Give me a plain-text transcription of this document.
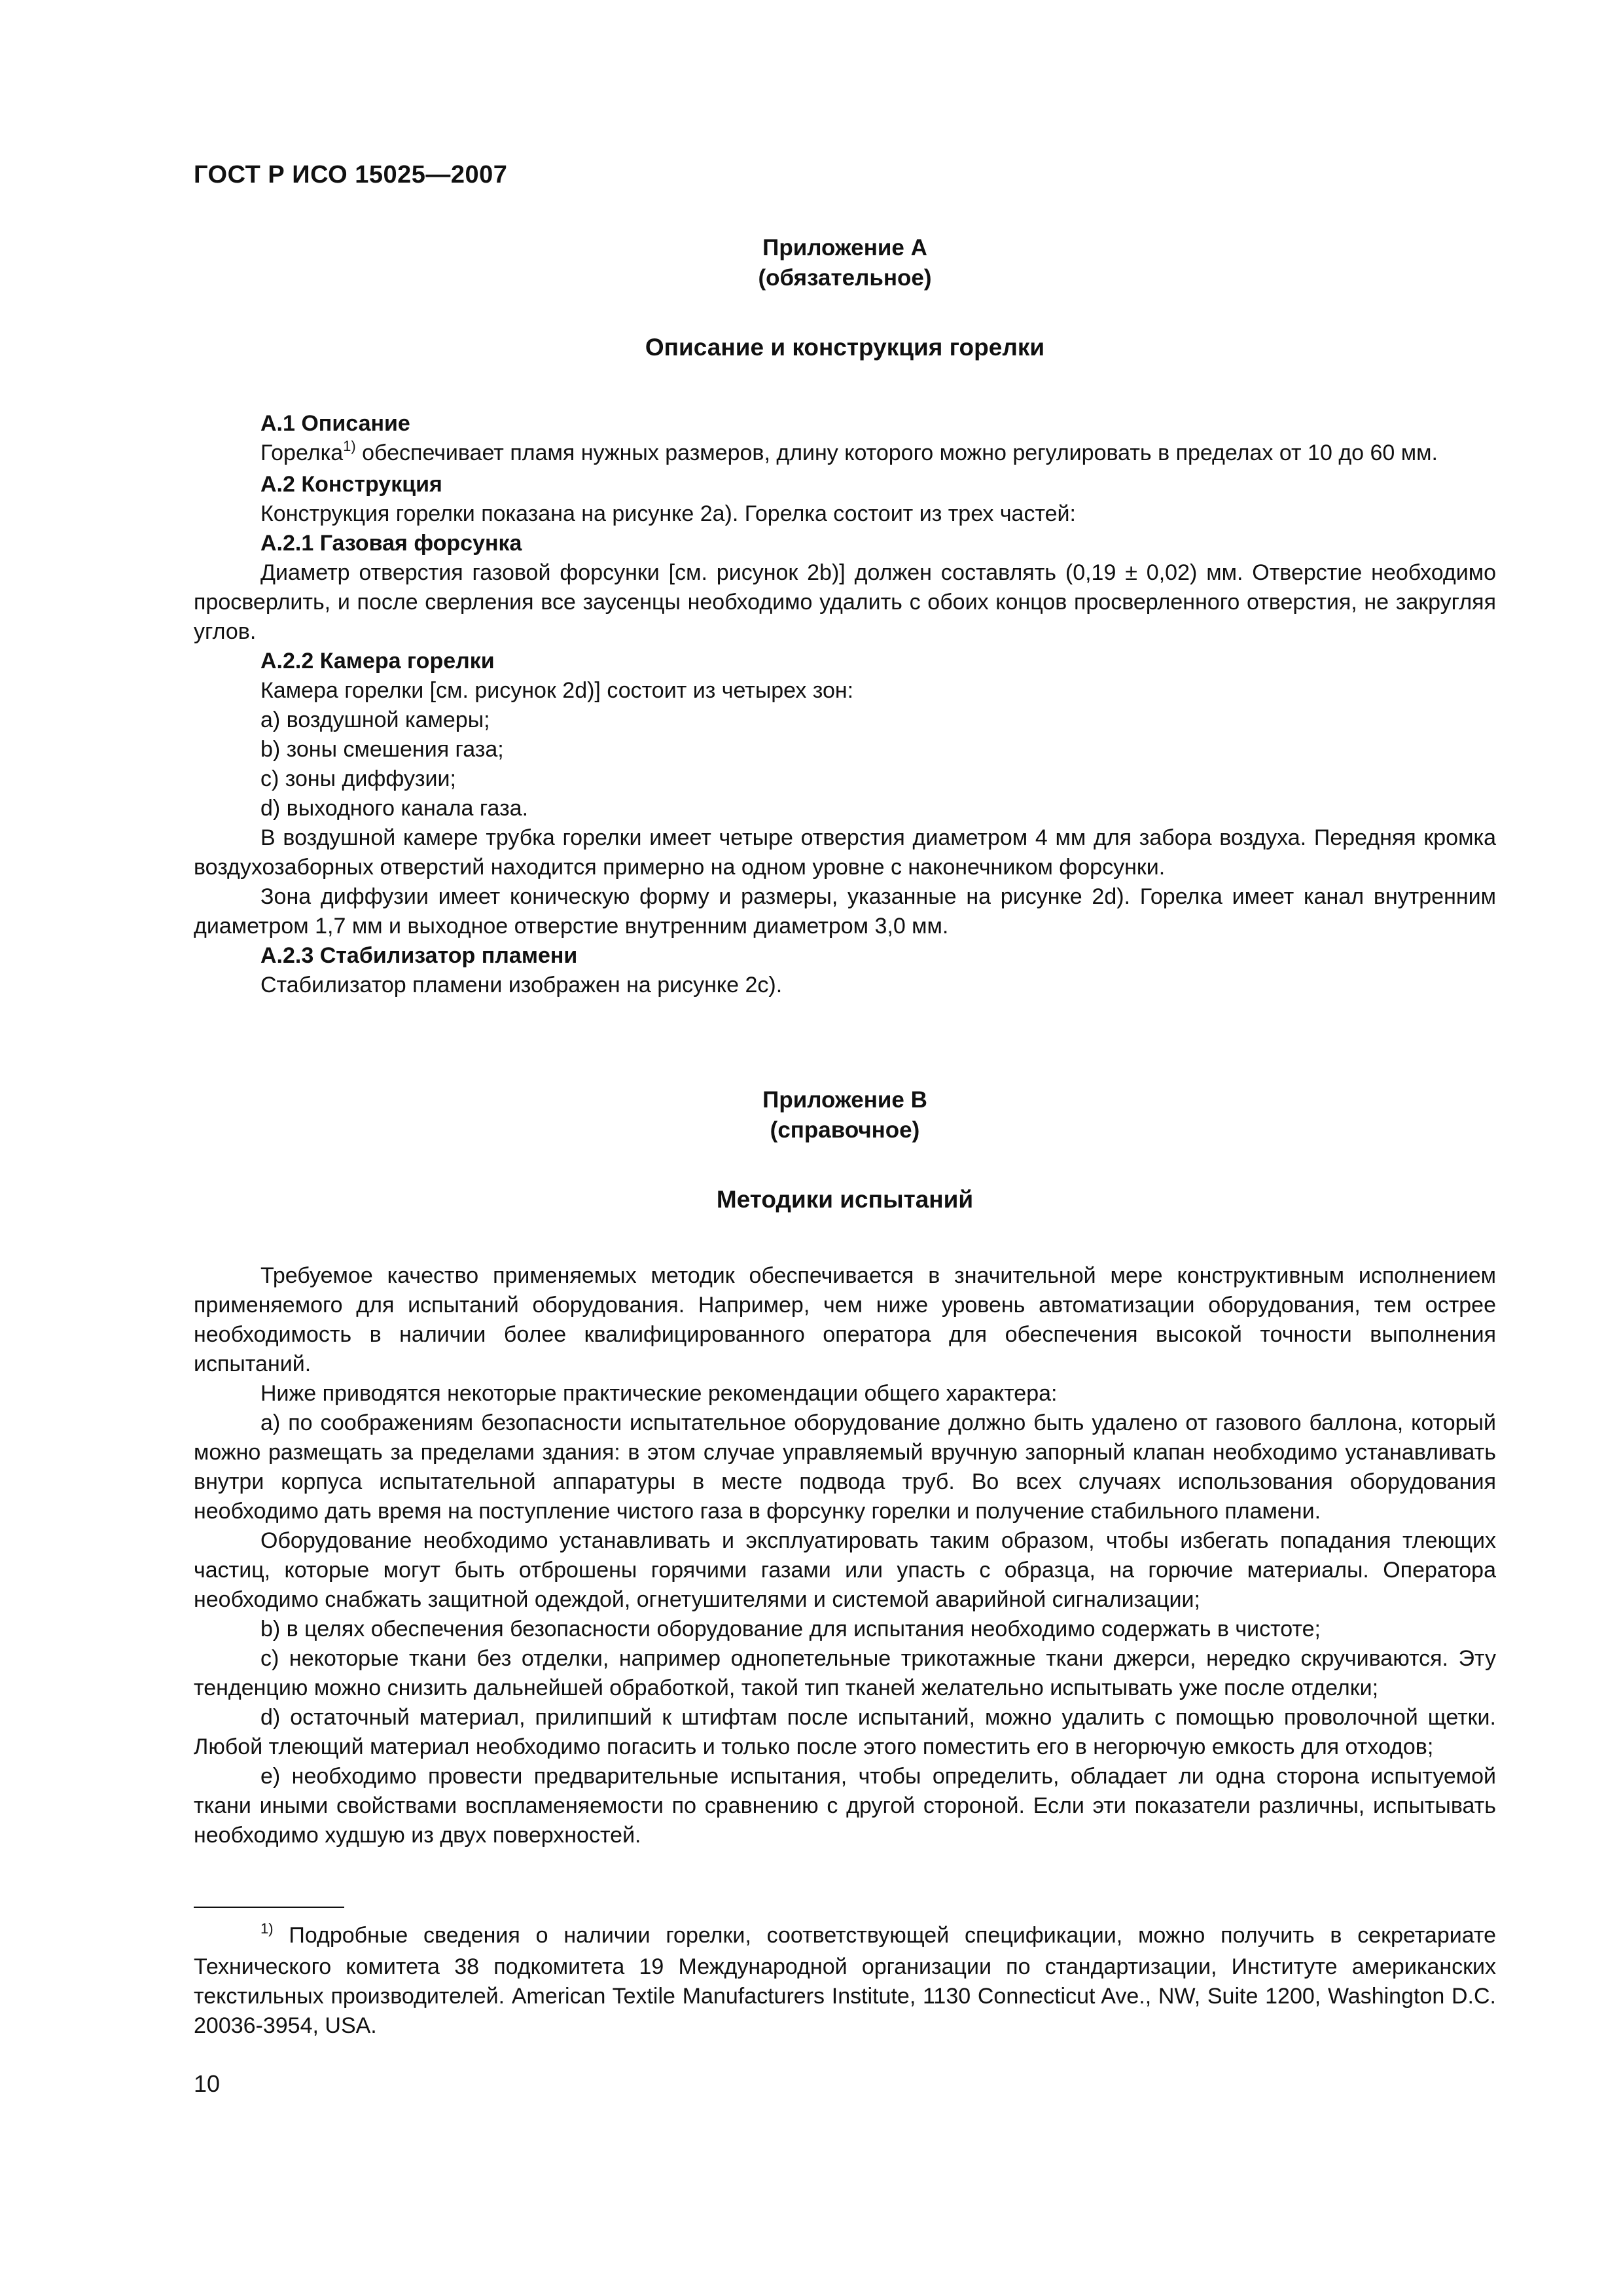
ГОСТ Р ИСО 15025—2007
Приложение А
(обязательное)
Описание и конструкция горелки

А.1 Описание

Горелка$^{1)}$ обеспечивает пламя нужных размеров, длину которого можно регулировать в пределах от 10 до 60 мм.

А.2 Конструкция

Конструкция горелки показана на рисунке 2а). Горелка состоит из трех частей:

А.2.1 Газовая форсунка

Диаметр отверстия газовой форсунки [см. рисунок 2b)] должен составлять (0,19 ± 0,02) мм. Отверстие необходимо просверлить, и после сверления все заусенцы необходимо удалить с обоих концов просверленного отверстия, не закругляя углов.

А.2.2 Камера горелки

Камера горелки [см. рисунок 2d)] состоит из четырех зон:

а) воздушной камеры;

b) зоны смешения газа;

с) зоны диффузии;

d) выходного канала газа.

В воздушной камере трубка горелки имеет четыре отверстия диаметром 4 мм для забора воздуха. Передняя кромка воздухозаборных отверстий находится примерно на одном уровне с наконечником форсунки.

Зона диффузии имеет коническую форму и размеры, указанные на рисунке 2d). Горелка имеет канал внутренним диаметром 1,7 мм и выходное отверстие внутренним диаметром 3,0 мм.

А.2.3 Стабилизатор пламени

Стабилизатор пламени изображен на рисунке 2с).

Приложение В
(справочное)
Методики испытаний

Требуемое качество применяемых методик обеспечивается в значительной мере конструктивным исполнением применяемого для испытаний оборудования. Например, чем ниже уровень автоматизации оборудования, тем острее необходимость в наличии более квалифицированного оператора для обеспечения высокой точности выполнения испытаний.

Ниже приводятся некоторые практические рекомендации общего характера:

а) по соображениям безопасности испытательное оборудование должно быть удалено от газового баллона, который можно размещать за пределами здания: в этом случае управляемый вручную запорный клапан необходимо устанавливать внутри корпуса испытательной аппаратуры в месте подвода труб. Во всех случаях использования оборудования необходимо дать время на поступление чистого газа в форсунку горелки и получение стабильного пламени.

Оборудование необходимо устанавливать и эксплуатировать таким образом, чтобы избегать попадания тлеющих частиц, которые могут быть отброшены горячими газами или упасть с образца, на горючие материалы. Оператора необходимо снабжать защитной одеждой, огнетушителями и системой аварийной сигнализации;

b) в целях обеспечения безопасности оборудование для испытания необходимо содержать в чистоте;

с) некоторые ткани без отделки, например однопетельные трикотажные ткани джерси, нередко скручиваются. Эту тенденцию можно снизить дальнейшей обработкой, такой тип тканей желательно испытывать уже после отделки;

d) остаточный материал, прилипший к штифтам после испытаний, можно удалить с помощью проволочной щетки. Любой тлеющий материал необходимо погасить и только после этого поместить его в негорючую емкость для отходов;

е) необходимо провести предварительные испытания, чтобы определить, обладает ли одна сторона испытуемой ткани иными свойствами воспламеняемости по сравнению с другой стороной. Если эти показатели различны, испытывать необходимо худшую из двух поверхностей.

$^{1)}$ Подробные сведения о наличии горелки, соответствующей спецификации, можно получить в секретариате Технического комитета 38 подкомитета 19 Международной организации по стандартизации, Институте американских текстильных производителей. American Textile Manufacturers Institute, 1130 Connecticut Ave., NW, Suite 1200, Washington D.C. 20036-3954, USA.

10
